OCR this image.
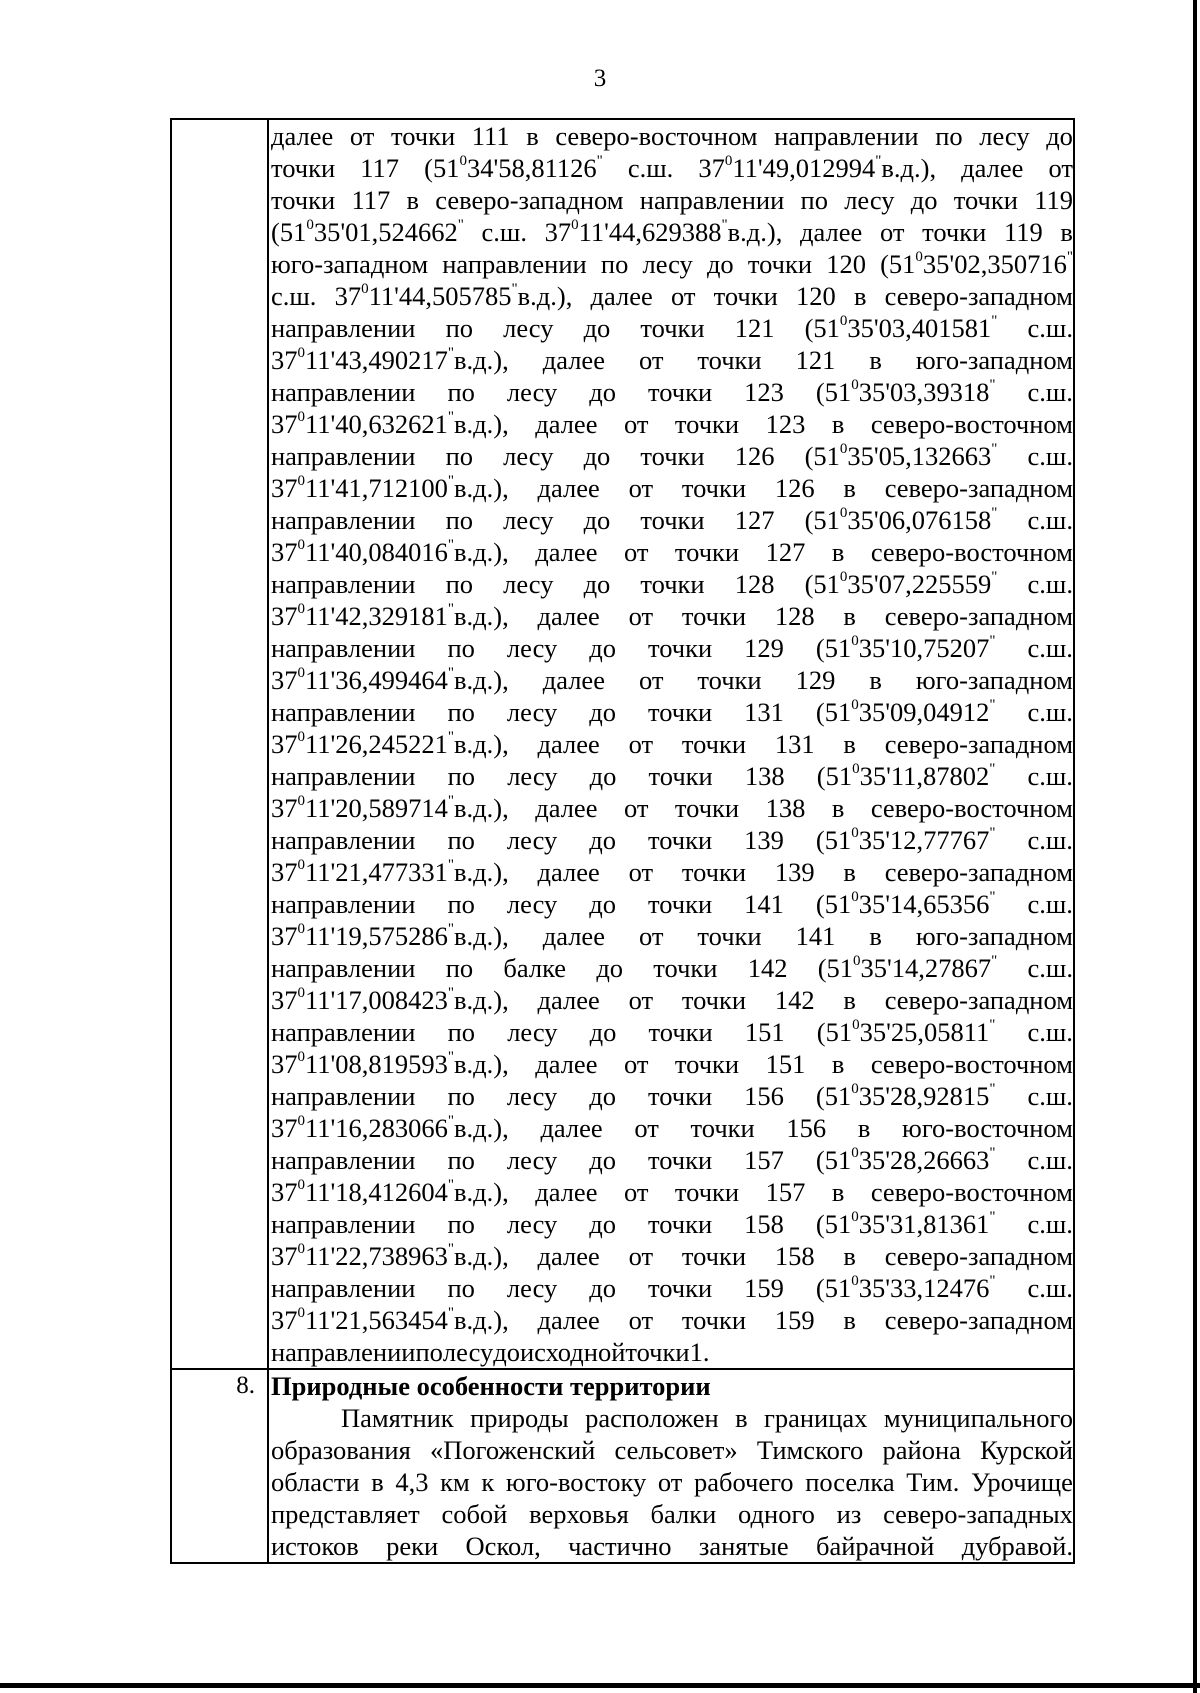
3
далее от точки 111 в северо-восточном направлении по лесу до
точки 117 ($51^034'58,81126^"$ с.ш. $37^011'49,012994^"в.д$.), далее от
точки 117 в северо-западном направлении по лесу до точки 119
($51^035'01,524662^"$ с.ш. $37^011'44,629388^"в.д$.), далее от точки 119 в
юго-западном направлении по лесу до точки 120 ($51^035'02,350716^"$
с.ш. $37^011'44,505785^"в.д$.), далее от точки 120 в северо-западном
направлении по лесу до точки 121 ($51^035'03,401581^"$ с.ш.
$37^011'43,490217^"в.д$.), далее от точки 121 в юго-западном
направлении по лесу до точки 123 ($51^035'03,39318^"$ с.ш.
$37^011'40,632621^"в.д$.), далее от точки 123 в северо-восточном
направлении по лесу до точки 126 ($51^035'05,132663^"$ с.ш.
$37^011'41,712100^"в.д$.), далее от точки 126 в северо-западном
направлении по лесу до точки 127 ($51^035'06,076158^"$ с.ш.
$37^011'40,084016^"в.д$.), далее от точки 127 в северо-восточном
направлении по лесу до точки 128 ($51^035'07,225559^"$ с.ш.
$37^011'42,329181^"в.д$.), далее от точки 128 в северо-западном
направлении по лесу до точки 129 ($51^035'10,75207^"$ с.ш.
$37^011'36,499464^"в.д$.), далее от точки 129 в юго-западном
направлении по лесу до точки 131 ($51^035'09,04912^"$ с.ш.
$37^011'26,245221^"в.д$.), далее от точки 131 в северо-западном
направлении по лесу до точки 138 ($51^035'11,87802^"$ с.ш.
$37^011'20,589714^"в.д$.), далее от точки 138 в северо-восточном
направлении по лесу до точки 139 ($51^035'12,77767^"$ с.ш.
$37^011'21,477331^"в.д$.), далее от точки 139 в северо-западном
направлении по лесу до точки 141 ($51^035'14,65356^"$ с.ш.
$37^011'19,575286^"в.д$.), далее от точки 141 в юго-западном
направлении по балке до точки 142 ($51^035'14,27867^"$ с.ш.
$37^011'17,008423^"в.д$.), далее от точки 142 в северо-западном
направлении по лесу до точки 151 ($51^035'25,05811^"$ с.ш.
$37^011'08,819593^"в.д$.), далее от точки 151 в северо-восточном
направлении по лесу до точки 156 ($51^035'28,92815^"$ с.ш.
$37^011'16,283066^"в.д$.), далее от точки 156 в юго-восточном
направлении по лесу до точки 157 ($51^035'28,26663^"$ с.ш.
$37^011'18,412604^"в.д$.), далее от точки 157 в северо-восточном
направлении по лесу до точки 158 ($51^035'31,81361^"$ с.ш.
$37^011'22,738963^"в.д$.), далее от точки 158 в северо-западном
направлении по лесу до точки 159 ($51^035'33,12476^"$ с.ш.
$37^011'21,563454^"в.д$.), далее от точки 159 в северо-западном
направлении по лесу до исходной точки 1.
8. Природные особенности территории
Памятник природы расположен в границах муниципального
образования «Погоженский сельсовет» Тимского района Курской
области в 4,3 км к юго-востоку от рабочего поселка Тим. Урочище
представляет собой верховья балки одного из северо-западных
истоков реки Оскол, частично занятые байрачной дубравой.
